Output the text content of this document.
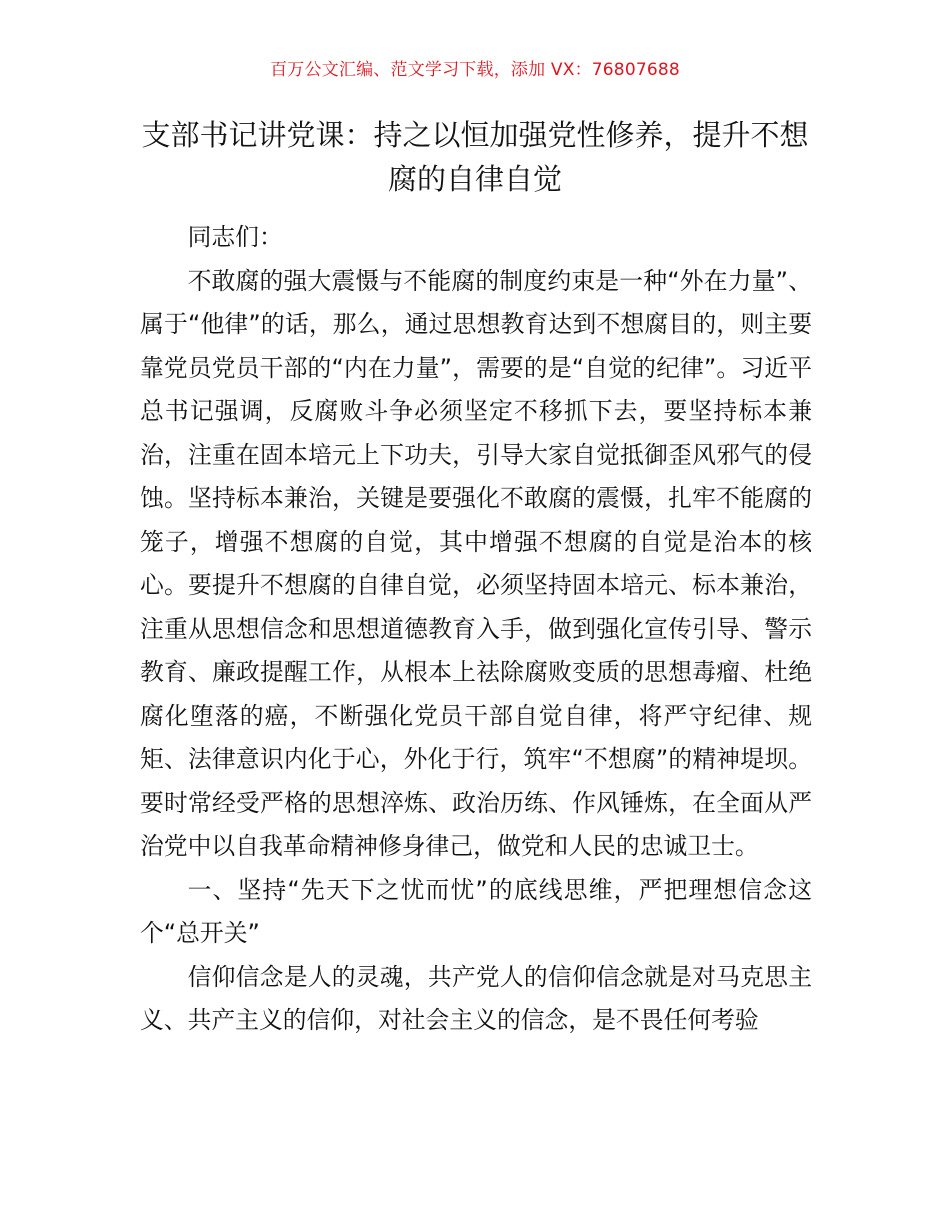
百万公文汇编、范文学习下载，添加 VX：76807688
支部书记讲党课：持之以恒加强党性修养，提升不想腐的自律自觉

同志们：

不敢腐的强大震慑与不能腐的制度约束是一种“外在力量”、属于“他律”的话，那么，通过思想教育达到不想腐目的，则主要靠党员党员干部的“内在力量”，需要的是“自觉的纪律”。习近平总书记强调，反腐败斗争必须坚定不移抓下去，要坚持标本兼治，注重在固本培元上下功夫，引导大家自觉抵御歪风邪气的侵蚀。坚持标本兼治，关键是要强化不敢腐的震慑，扎牢不能腐的笼子，增强不想腐的自觉，其中增强不想腐的自觉是治本的核心。要提升不想腐的自律自觉，必须坚持固本培元、标本兼治，注重从思想信念和思想道德教育入手，做到强化宣传引导、警示教育、廉政提醒工作，从根本上祛除腐败变质的思想毒瘤、杜绝腐化堕落的癌，不断强化党员干部自觉自律，将严守纪律、规矩、法律意识内化于心，外化于行，筑牢“不想腐”的精神堤坝。要时常经受严格的思想淬炼、政治历练、作风锤炼，在全面从严治党中以自我革命精神修身律己，做党和人民的忠诚卫士。

一、坚持“先天下之忧而忧”的底线思维，严把理想信念这个“总开关”

信仰信念是人的灵魂，共产党人的信仰信念就是对马克思主义、共产主义的信仰，对社会主义的信念，是不畏任何考验
